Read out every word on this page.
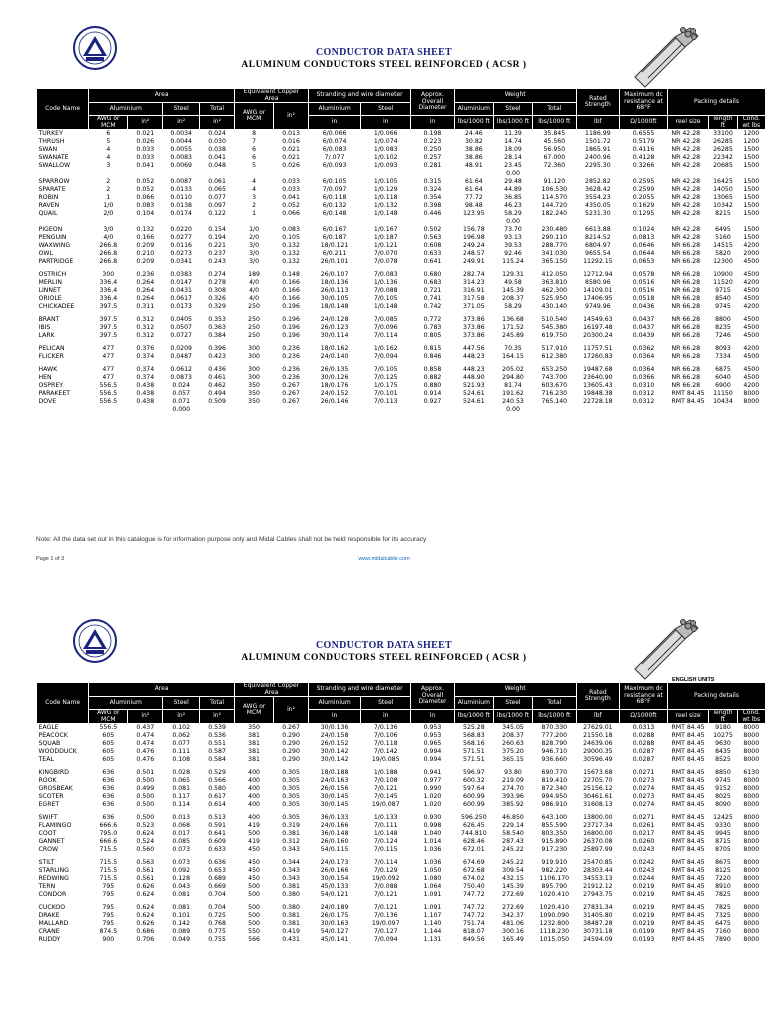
CONDUCTOR DATA SHEET
ALUMINUM CONDUCTORS STEEL REINFORCED ( ACSR )
Code Name	Area				Equivalent Copper Area		Stranding and wire diameter		Approx. Overall Diameter	Weight			Rated Strength	Maximum dc resistance at 68°F	Packing details		
	Aluminium		Steel	Total	AWG or MCM	in²	Aluminium	Steel		Aluminium	Steel	Total					
	AWG or MCM	in²	in²	in²			in	in	in	lbs/1000 ft	lbs/1000 ft	lbs/1000 ft	lbf	Ω/1000ft	reel size	length ft	Cond. wt lbs
TURKEY	6	0.021	0.0034	0.024	8	0.013	6/0.066	1/0.066	0.198	24.46	11.39	35.845	1186.99	0.6555	NR 42.28	33100	1200
THRUSH	5	0.026	0.0044	0.030	7	0.016	6/0.074	1/0.074	0.223	30.82	14.74	45.560	1501.72	0.5179	NR 42.28	26285	1200
SWAN	4	0.033	0.0055	0.038	6	0.021	6/0.083	1/0.083	0.250	38.86	18.09	56.950	1865.91	0.4116	NR 42.28	26285	1500
SWANATE	4	0.033	0.0083	0.041	6	0.021	7/.077	1/0.102	0.257	38.86	28.14	67.000	2400.96	0.4128	NR 42.28	22342	1500
SWALLOW	3	0.041	0.0069	0.048	5	0.026	6/0.093	1/0.093	0.281	48.91	23.45	72.360	2295.30	0.3266	NR 42.28	20685	1500
											0.00						
SPARROW	2	0.052	0.0087	0.061	4	0.033	6/0.105	1/0.105	0.315	61.64	29.48	91.120	2852.82	0.2595	NR 42.28	16425	1500
SPARATE	2	0.052	0.0133	0.065	4	0.033	7/0.097	1/0.129	0.324	61.64	44.89	106.530	3628.42	0.2599	NR 42.28	14050	1500
ROBIN	1	0.066	0.0110	0.077	3	0.041	6/0.118	1/0.118	0.354	77.72	36.85	114.570	3554.23	0.2055	NR 42.28	13065	1500
RAVEN	1/0	0.083	0.0138	0.097	2	0.052	6/0.132	1/0.132	0.398	98.48	46.23	144.720	4350.05	0.1629	NR 42.28	10342	1500
QUAIL	2/0	0.104	0.0174	0.122	1	0.066	6/0.148	1/0.148	0.446	123.95	58.29	182.240	5231.30	0.1295	NR 42.28	8215	1500
											0.00						
PIGEON	3/0	0.132	0.0220	0.154	1/0	0.083	6/0.167	1/0.167	0.502	156.78	73.70	230.480	6613.88	0.1024	NR 42.28	6495	1500
PENGUIN	4/0	0.166	0.0277	0.194	2/0	0.105	6/0.187	1/0.187	0.563	196.98	93.13	290.110	8214.52	0.0813	NR 42.28	5160	1500
WAXWING	266.8	0.209	0.0116	0.221	3/0	0.132	18/0.121	1/0.121	0.608	249.24	39.53	288.770	6804.97	0.0646	NR 66.28	14515	4200
OWL	266.8	0.210	0.0273	0.237	3/0	0.132	6/0.211	7/0.070	0.633	248.57	92.46	341.030	9655.54	0.0644	NR 66.28	5820	2000
PARTRIDGE	266.8	0.209	0.0341	0.243	3/0	0.132	26/0.101	7/0.078	0.641	249.91	115.24	365.150	11292.15	0.0653	NR 66.28	12300	4500

OSTRICH	300	0.236	0.0383	0.274	189	0.148	26/0.107	7/0.083	0.680	282.74	129.31	412.050	12712.94	0.0578	NR 66.28	10900	4500
MERLIN	336.4	0.264	0.0147	0.278	4/0	0.166	18/0.136	1/0.136	0.683	314.23	49.58	363.810	8580.96	0.0516	NR 66.28	11520	4200
LINNET	336.4	0.264	0.0431	0.308	4/0	0.166	26/0.113	7/0.088	0.721	316.91	145.39	462.300	14109.01	0.0516	NR 66.28	9715	4500
ORIOLE	336.4	0.264	0.0617	0.326	4/0	0.166	30/0.105	7/0.105	0.741	317.58	208.37	525.950	17406.95	0.0518	NR 66.28	8540	4500
CHICKADEE	397.5	0.311	0.0173	0.329	250	0.196	18/0.148	1/0.148	0.742	371.05	58.29	430.140	9749.96	0.0436	NR 66.28	9745	4200

BRANT	397.5	0.312	0.0405	0.353	250	0.196	24/0.128	7/0.085	0.772	373.86	136.68	510.540	14549.63	0.0437	NR 66.28	8800	4500
IBIS	397.5	0.312	0.0507	0.363	250	0.196	26/0.123	7/0.096	0.783	373.86	171.52	545.380	16197.48	0.0437	NR 66.28	8235	4500
LARK	397.5	0.312	0.0727	0.384	250	0.196	30/0.114	7/0.114	0.805	373.86	245.89	619.750	20300.24	0.0439	NR 66.28	7246	4500

PELICAN	477	0.376	0.0209	0.396	300	0.236	18/0.162	1/0.162	0.815	447.56	70.35	517.910	11757.51	0.0362	NR 66.28	8093	4200
FLICKER	477	0.374	0.0487	0.423	300	0.236	24/0.140	7/0.094	0.846	448.23	164.15	612.380	17260.83	0.0364	NR 66.28	7334	4500

HAWK	477	0.374	0.0612	0.436	300	0.236	26/0.135	7/0.105	0.858	448.23	205.02	653.250	19487.68	0.0364	NR 66.28	6875	4500
HEN	477	0.374	0.0873	0.461	300	0.236	30/0.126	7/0.125	0.882	448.90	294.80	743.700	23640.90	0.0366	NR 66.28	6040	4500
OSPREY	556.5	0.438	0.024	0.462	350	0.267	18/0.176	1/0.175	0.880	521.93	81.74	603.670	13605.43	0.0310	NR 66.28	6900	4200
PARAKEET	556.5	0.438	0.057	0.494	350	0.267	24/0.152	7/0.101	0.914	524.61	191.62	716.230	19848.38	0.0312	RMT 84.45	11150	8000
DOVE	556.5	0.438	0.071	0.509	350	0.267	26/0.146	7/0.113	0.927	524.61	240.53	765.140	22728.18	0.0312	RMT 84.45	10434	8000
			0.000								0.00						
Note: All the data set out in this catalogue is for information purpose only and Midal Cables shall not be held responsible for its accuracy
Page 1 of 3	www.midalcable.com
CONDUCTOR DATA SHEET
ALUMINUM CONDUCTORS STEEL REINFORCED ( ACSR )
ENGLISH UNITS
Code Name	Area				Equivalent Copper Area		Stranding and wire diameter		Approx. Overall Diameter	Weight			Rated Strength	Maximum dc resistance at 68°F	Packing details		
	Aluminium		Steel	Total	AWG or MCM	in²	Aluminium	Steel		Aluminium	Steel	Total					
	AWG or MCM	in²	in²	in²			in	in	in	lbs/1000 ft	lbs/1000 ft	lbs/1000 ft	lbf	Ω/1000ft	reel size	length ft	Cond. wt lbs
EAGLE	556.5	0.437	0.102	0.539	350	0.267	30/0.136	7/0.136	0.953	525.28	345.05	870.330	27629.01	0.0313	RMT 84.45	9180	8000
PEACOCK	605	0.474	0.062	0.536	381	0.290	24/0.158	7/0.106	0.953	568.83	208.37	777.200	21550.18	0.0288	RMT 84.45	10275	8000
SQUAB	605	0.474	0.077	0.551	381	0.290	26/0.152	7/0.118	0.965	568.16	260.63	828.790	24639.06	0.0288	RMT 84.45	9630	8000
WOODDUCK	605	0.476	0.111	0.587	381	0.290	30/0.142	7/0.142	0.994	571.51	375.20	946.710	29000.35	0.0287	RMT 84.45	8435	8000
TEAL	605	0.476	0.108	0.584	381	0.290	30/0.142	19/0.085	0.994	571.51	365.15	936.660	30596.49	0.0287	RMT 84.45	8525	8000

KINGBIRD	636	0.501	0.028	0.529	400	0.305	18/0.188	1/0.188	0.941	596.97	93.80	690.770	15673.68	0.0271	RMT 84.45	8850	6130
ROOK	636	0.500	0.065	0.566	400	0.305	24/0.163	7/0.108	0.977	600.32	219.09	819.410	22705.70	0.0273	RMT 84.45	9745	8000
GROSBEAK	636	0.499	0.081	0.580	400	0.305	26/0.156	7/0.121	0.990	597.64	274.70	872.340	25156.12	0.0274	RMT 84.45	9152	8000
SCOTER	636	0.500	0.117	0.617	400	0.305	30/0.145	7/0.145	1.020	600.99	393.96	994.950	30461.61	0.0273	RMT 84.45	8025	8000
EGRET	636	0.500	0.114	0.614	400	0.305	30/0.145	19/0.087	1.020	600.99	385.92	986.910	31608.13	0.0274	RMT 84.45	8090	8000

SWIFT	636	0.500	0.013	0.513	400	0.305	36/0.133	1/0.133	0.930	596.250	46.850	643.100	13800.00	0.0271	RMT 84.45	12425	8000
FLAMINGO	666.6	0.523	0.068	0.591	419	0.319	24/0.166	7/0.111	0.998	626.45	229.14	855.590	23717.34	0.0261	RMT 84.45	9330	8000
COOT	795.0	0.624	0.017	0.641	500	0.381	36/0.148	1/0.148	1.040	744.810	58.540	803.350	16800.00	0.0217	RMT 84.45	9945	8000
GANNET	666.6	0.524	0.085	0.609	419	0.312	26/0.160	7/0.124	1.014	628.46	287.43	915.890	26370.08	0.0260	RMT 84.45	8715	8000
CROW	715.5	0.560	0.073	0.633	450	0.343	54/0.115	7/0.115	1.036	672.01	245.22	917.230	25897.99	0.0243	RMT 84.45	8705	8000

STILT	715.5	0.563	0.073	0.636	450	0.344	24/0.173	7/0.114	1.036	674.69	245.22	919.910	25470.85	0.0242	RMT 84.45	8675	8000
STARLING	715.5	0.561	0.092	0.653	450	0.343	26/0.166	7/0.129	1.050	672.68	309.54	982.220	28303.44	0.0243	RMT 84.45	8125	8000
REDWING	715.5	0.561	0.128	0.689	450	0.343	30/0.154	19/0.092	1.080	674.02	432.15	1106.170	34553.13	0.0244	RMT 84.45	7220	8000
TERN	795	0.626	0.043	0.669	500	0.381	45/0.133	7/0.088	1.064	750.40	145.39	895.790	21912.12	0.0219	RMT 84.45	8910	8000
CONDOR	795	0.624	0.081	0.704	500	0.380	54/0.121	7/0.121	1.091	747.72	272.69	1020.410	27943.75	0.0219	RMT 84.45	7825	8000

CUCKOO	795	0.624	0.081	0.704	500	0.380	24/0.189	7/0.121	1.091	747.72	272.69	1020.410	27831.34	0.0219	RMT 84.45	7825	8000
DRAKE	795	0.624	0.101	0.725	500	0.381	26/0.175	7/0.136	1.107	747.72	342.37	1090.090	31405.80	0.0219	RMT 84.45	7325	8000
MALLARD	795	0.626	0.142	0.768	500	0.381	30/0.163	19/0.097	1.140	751.74	481.06	1232.800	38487.28	0.0219	RMT 84.45	6475	8000
CRANE	874.5	0.686	0.089	0.775	550	0.419	54/0.127	7/0.127	1.144	818.07	300.16	1118.230	30731.18	0.0199	RMT 84.45	7160	8000
RUDDY	900	0.706	0.049	0.755	566	0.431	45/0.141	7/0.094	1.131	849.56	165.49	1015.050	24594.09	0.0193	RMT 84.45	7890	8000
